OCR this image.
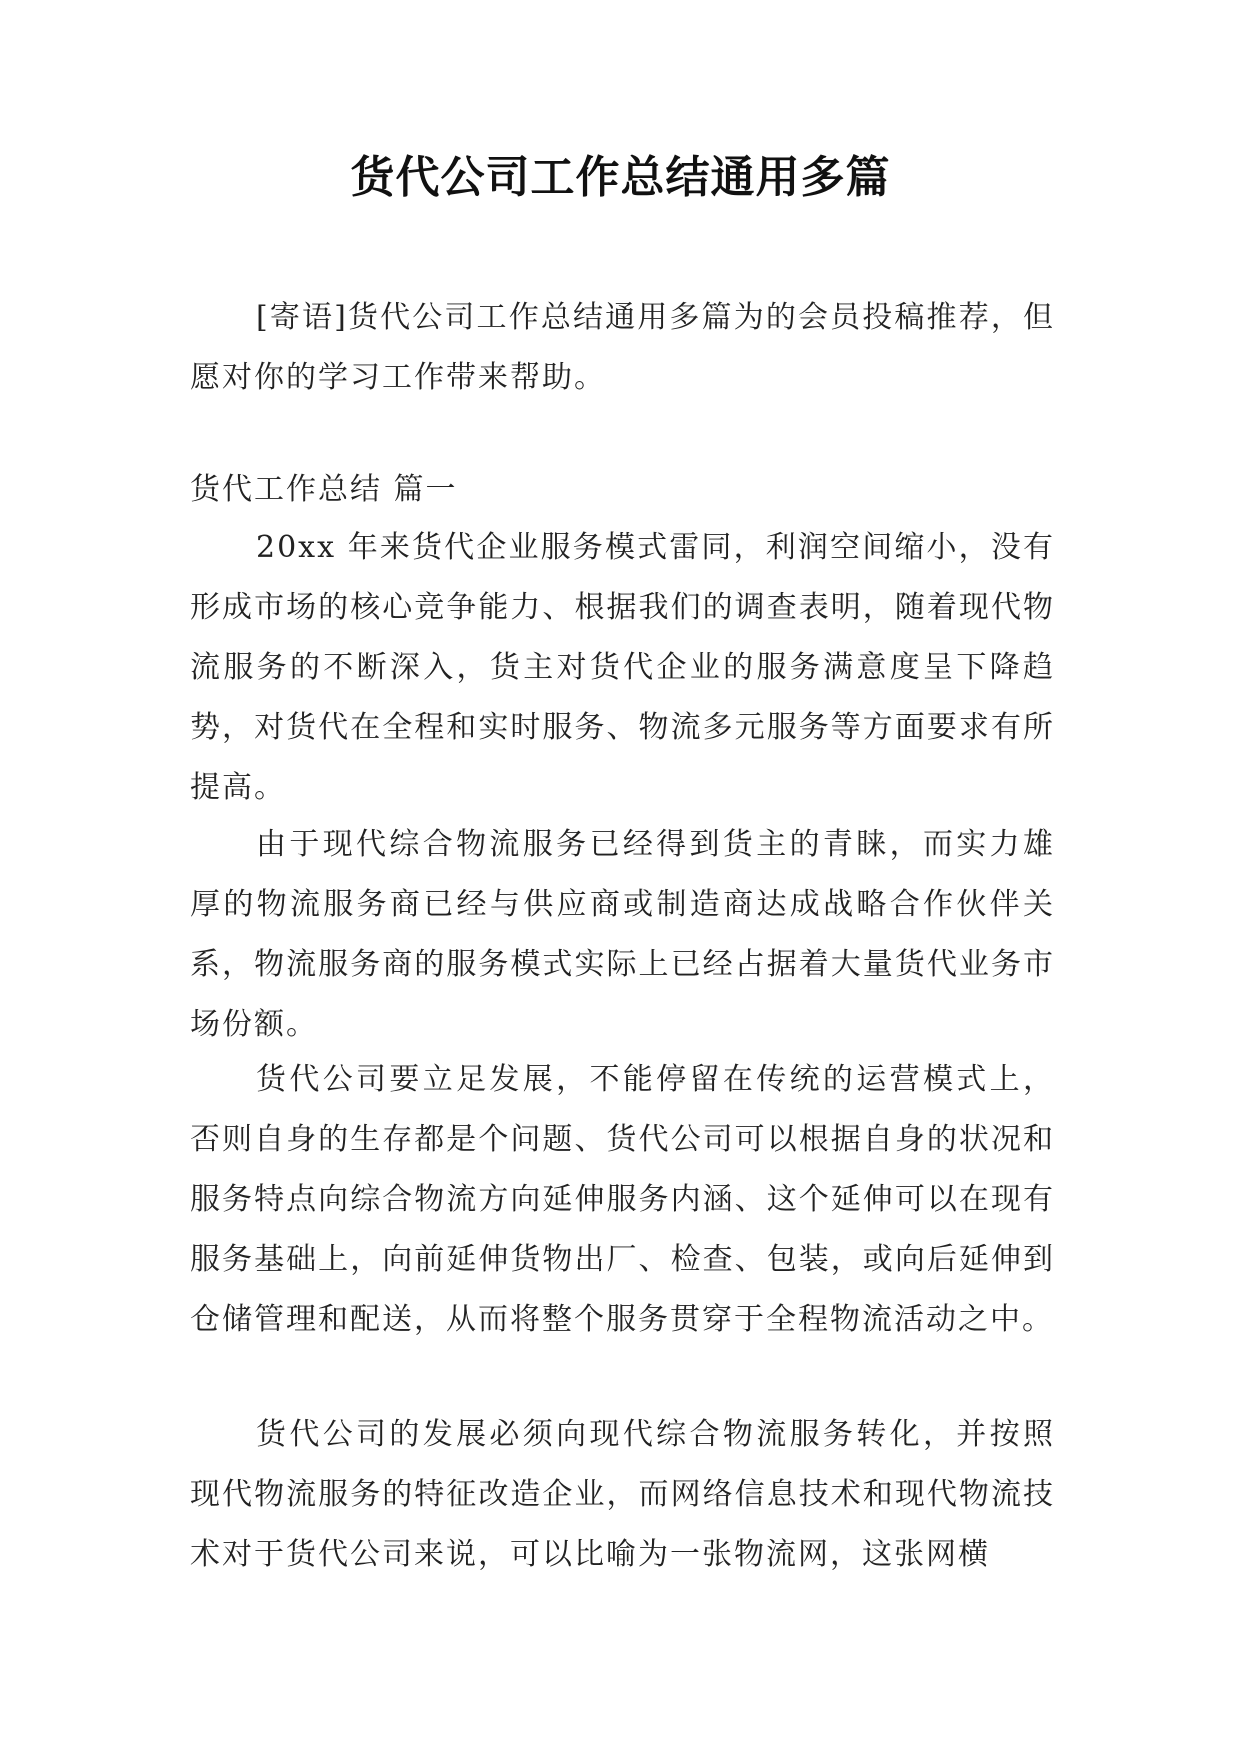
货代公司工作总结通用多篇

[寄语]货代公司工作总结通用多篇为的会员投稿推荐，但愿对你的学习工作带来帮助。

货代工作总结 篇一

20xx 年来货代企业服务模式雷同，利润空间缩小，没有形成市场的核心竞争能力、根据我们的调查表明，随着现代物流服务的不断深入，货主对货代企业的服务满意度呈下降趋势，对货代在全程和实时服务、物流多元服务等方面要求有所提高。

由于现代综合物流服务已经得到货主的青睐，而实力雄厚的物流服务商已经与供应商或制造商达成战略合作伙伴关系，物流服务商的服务模式实际上已经占据着大量货代业务市场份额。

货代公司要立足发展，不能停留在传统的运营模式上，否则自身的生存都是个问题、货代公司可以根据自身的状况和服务特点向综合物流方向延伸服务内涵、这个延伸可以在现有服务基础上，向前延伸货物出厂、检查、包装，或向后延伸到仓储管理和配送，从而将整个服务贯穿于全程物流活动之中。

货代公司的发展必须向现代综合物流服务转化，并按照现代物流服务的特征改造企业，而网络信息技术和现代物流技术对于货代公司来说，可以比喻为一张物流网，这张网横
